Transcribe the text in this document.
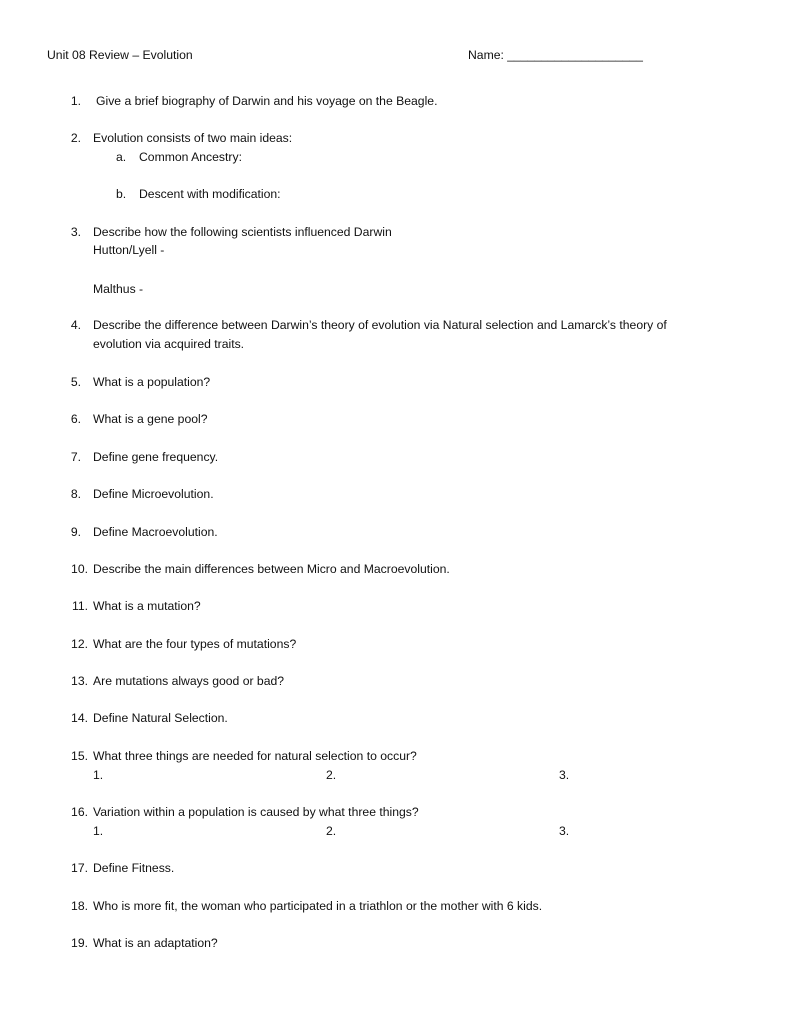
Unit 08 Review – Evolution	Name: ____________________
1. Give a brief biography of Darwin and his voyage on the Beagle.
2. Evolution consists of two main ideas:
a. Common Ancestry:
b. Descent with modification:
3. Describe how the following scientists influenced Darwin
Hutton/Lyell -
Malthus -
4. Describe the difference between Darwin’s theory of evolution via Natural selection and Lamarck’s theory of
evolution via acquired traits.
5. What is a population?
6. What is a gene pool?
7. Define gene frequency.
8. Define Microevolution.
9. Define Macroevolution.
10. Describe the main differences between Micro and Macroevolution.
11. What is a mutation?
12. What are the four types of mutations?
13. Are mutations always good or bad?
14. Define Natural Selection.
15. What three things are needed for natural selection to occur?
1.	2.	3.
16. Variation within a population is caused by what three things?
1.	2.	3.
17. Define Fitness.
18. Who is more fit, the woman who participated in a triathlon or the mother with 6 kids.
19. What is an adaptation?
